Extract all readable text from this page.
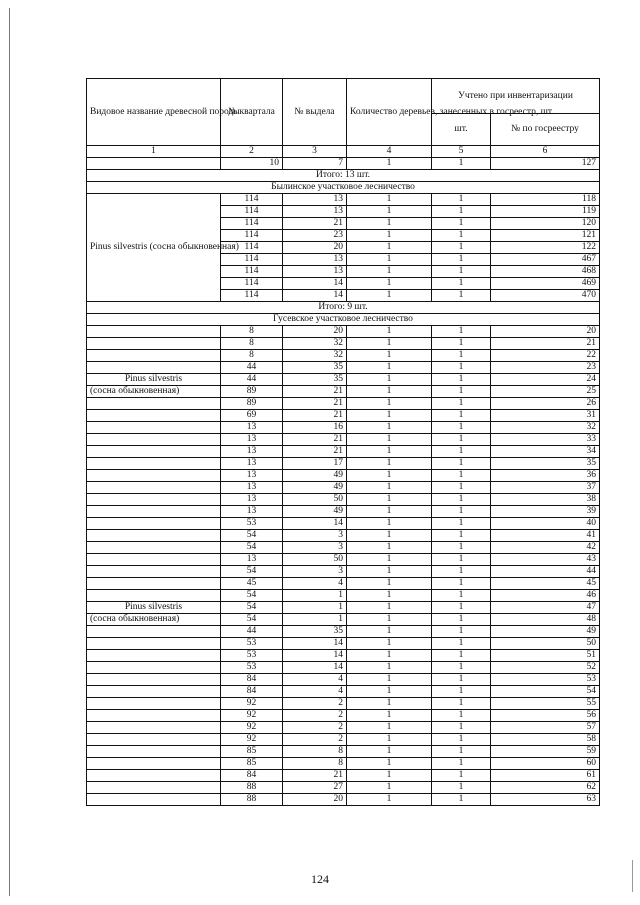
Видовое название древесной породы	№ квартала	№ выдела	Количество деревьев, занесенных в госреестр, шт.	Учтено при инвентаризации	
				шт.	№ по госреестру
1	2	3	4	5	6
	10	7	1	1	127
Итого: 13 шт.					
Былинское участковое лесничество					
Pinus silvestris (сосна обыкновенная)	114	13	1	1	118
	114	13	1	1	119
	114	21	1	1	120
	114	23	1	1	121
	114	20	1	1	122
	114	13	1	1	467
	114	13	1	1	468
	114	14	1	1	469
	114	14	1	1	470
Итого: 9 шт.					
Гусевское участковое лесничество					
	8	20	1	1	20
	8	32	1	1	21
	8	32	1	1	22
	44	35	1	1	23
Pinus silvestris	44	35	1	1	24
(сосна обыкновенная)	89	21	1	1	25
	89	21	1	1	26
	69	21	1	1	31
	13	16	1	1	32
	13	21	1	1	33
	13	21	1	1	34
	13	17	1	1	35
	13	49	1	1	36
	13	49	1	1	37
	13	50	1	1	38
	13	49	1	1	39
	53	14	1	1	40
	54	3	1	1	41
	54	3	1	1	42
	13	50	1	1	43
	54	3	1	1	44
	45	4	1	1	45
	54	1	1	1	46
Pinus silvestris	54	1	1	1	47
(сосна обыкновенная)	54	1	1	1	48
	44	35	1	1	49
	53	14	1	1	50
	53	14	1	1	51
	53	14	1	1	52
	84	4	1	1	53
	84	4	1	1	54
	92	2	1	1	55
	92	2	1	1	56
	92	2	1	1	57
	92	2	1	1	58
	85	8	1	1	59
	85	8	1	1	60
	84	21	1	1	61
	88	27	1	1	62
	88	20	1	1	63
124
